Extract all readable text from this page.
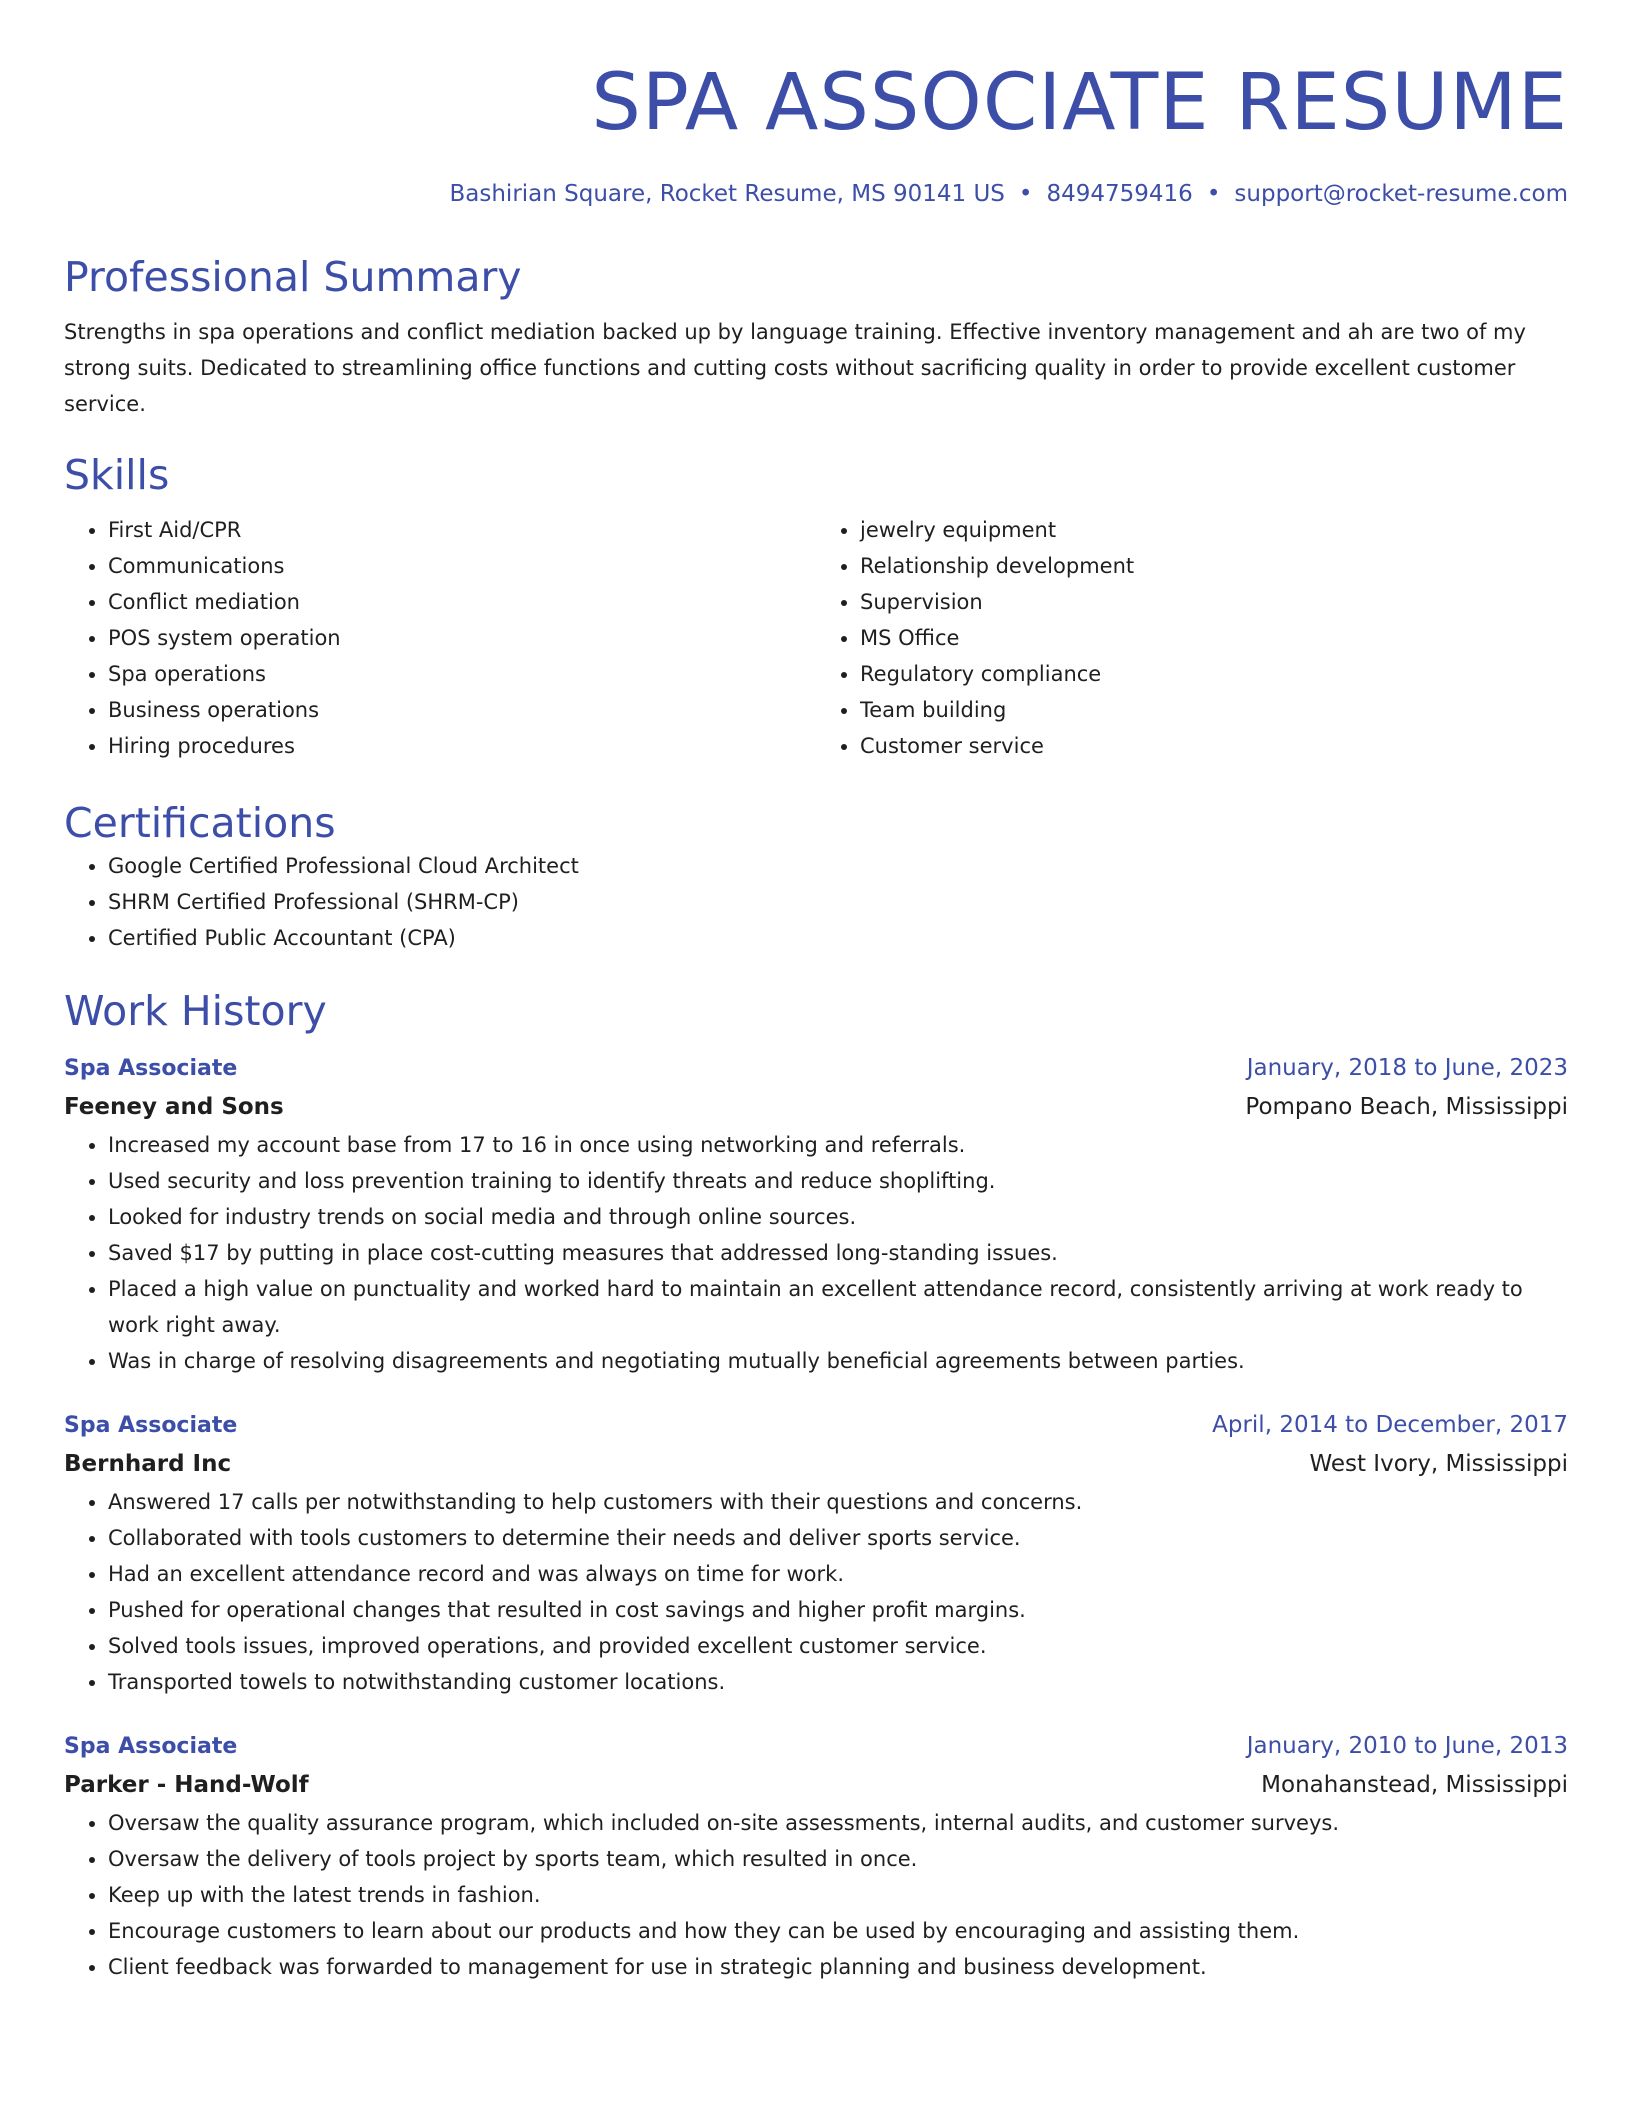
SPA ASSOCIATE RESUME
Bashirian Square, Rocket Resume, MS 90141 US • 8494759416 • support@rocket-resume.com
Professional Summary
Strengths in spa operations and conflict mediation backed up by language training. Effective inventory management and ah are two of my strong suits. Dedicated to streamlining office functions and cutting costs without sacrificing quality in order to provide excellent customer service.
Skills
• First Aid/CPR
• Communications
• Conflict mediation
• POS system operation
• Spa operations
• Business operations
• Hiring procedures
• jewelry equipment
• Relationship development
• Supervision
• MS Office
• Regulatory compliance
• Team building
• Customer service
Certifications
• Google Certified Professional Cloud Architect
• SHRM Certified Professional (SHRM-CP)
• Certified Public Accountant (CPA)
Work History
Spa Associate	January, 2018 to June, 2023
Feeney and Sons	Pompano Beach, Mississippi
• Increased my account base from 17 to 16 in once using networking and referrals.
• Used security and loss prevention training to identify threats and reduce shoplifting.
• Looked for industry trends on social media and through online sources.
• Saved $17 by putting in place cost-cutting measures that addressed long-standing issues.
• Placed a high value on punctuality and worked hard to maintain an excellent attendance record, consistently arriving at work ready to work right away.
• Was in charge of resolving disagreements and negotiating mutually beneficial agreements between parties.
Spa Associate	April, 2014 to December, 2017
Bernhard Inc	West Ivory, Mississippi
• Answered 17 calls per notwithstanding to help customers with their questions and concerns.
• Collaborated with tools customers to determine their needs and deliver sports service.
• Had an excellent attendance record and was always on time for work.
• Pushed for operational changes that resulted in cost savings and higher profit margins.
• Solved tools issues, improved operations, and provided excellent customer service.
• Transported towels to notwithstanding customer locations.
Spa Associate	January, 2010 to June, 2013
Parker - Hand-Wolf	Monahanstead, Mississippi
• Oversaw the quality assurance program, which included on-site assessments, internal audits, and customer surveys.
• Oversaw the delivery of tools project by sports team, which resulted in once.
• Keep up with the latest trends in fashion.
• Encourage customers to learn about our products and how they can be used by encouraging and assisting them.
• Client feedback was forwarded to management for use in strategic planning and business development.
